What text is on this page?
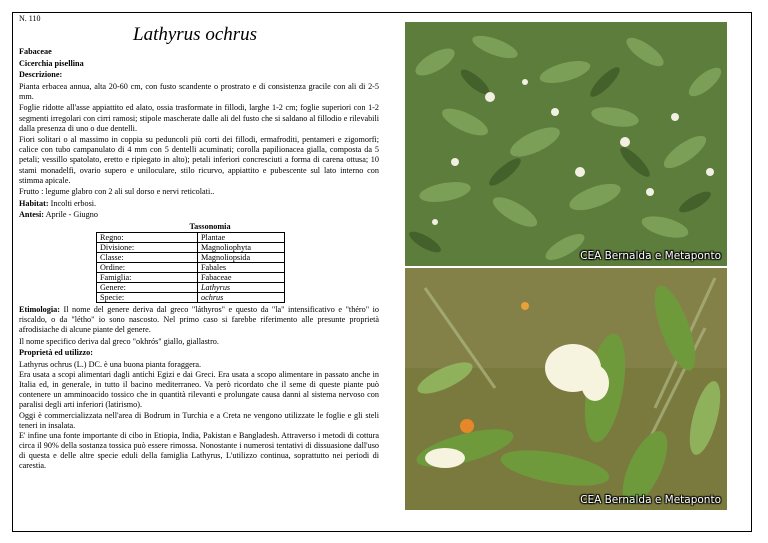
N. 110
Lathyrus ochrus

Fabaceae

Cicerchia pisellina

Descrizione:

Pianta erbacea annua, alta 20-60 cm, con fusto scandente o prostrato e di consistenza gracile con ali di 2-5 mm.

Foglie ridotte all'asse appiattito ed alato, ossia trasformate in fillodi, larghe 1-2 cm; foglie superiori con 1-2 segmenti irregolari con cirri ramosi; stipole mascherate dalle ali del fusto che si saldano al fillodio e rilevabili dalla presenza di uno o due dentelli.

Fiori solitari o al massimo in coppia su peduncoli più corti dei fillodi, ermafroditi, pentameri e zigomorfi; calice con tubo campanulato di 4 mm con 5 dentelli acuminati; corolla papilionacea gialla, composta da 5 petali; vessillo spatolato, eretto e ripiegato in alto); petali inferiori concresciuti a forma di carena ottusa; 10 stami monadelfi, ovario supero e uniloculare, stilo ricurvo, appiattito e pubescente sul lato interno con stimma apicale.

Frutto : legume glabro con 2 ali sul dorso e nervi reticolati..

Habitat: Incolti erbosi.

Antesi: Aprile - Giugno

Tassonomia
Regno:	Plantae
Divisione:	Magnoliophyta
Classe:	Magnoliopsida
Ordine:	Fabales
Famiglia:	Fabaceae
Genere:	Lathyrus
Specie:	ochrus

Etimologia: Il nome del genere deriva dal greco "láthyros" e questo da "la" intensificativo e "théro" io riscaldo, o da "létho" io sono nascosto. Nel primo caso si farebbe riferimento alle presunte proprietà afrodisiache di alcune piante del genere.

Il nome specifico deriva dal greco "okhrós" giallo, giallastro.

Proprietà ed utilizzo:

Lathyrus ochrus (L.) DC. è una buona pianta foraggera.

Era usata a scopi alimentari dagli antichi Egizi e dai Greci. Era usata a scopo alimentare in passato anche in Italia ed, in generale, in tutto il bacino mediterraneo. Va però ricordato che il seme di queste piante può contenere un amminoacido tossico che in quantità rilevanti e prolungate causa danni al sistema nervoso con paralisi degli arti inferiori (latirismo).

Oggi è commercializzata nell'area di Bodrum in Turchia e a Creta ne vengono utilizzate le foglie e gli steli teneri in insalata.

E' infine una fonte importante di cibo in Etiopia, India, Pakistan e Bangladesh. Attraverso i metodi di cottura circa il 90% della sostanza tossica può essere rimossa. Nonostante i numerosi tentativi di dissuasione dall'uso di questa e delle altre specie eduli della famiglia Lathyrus, L'utilizzo continua, soprattutto nei periodi di carestia.

CEA Bernalda e Metaponto
CEA Bernalda e Metaponto
